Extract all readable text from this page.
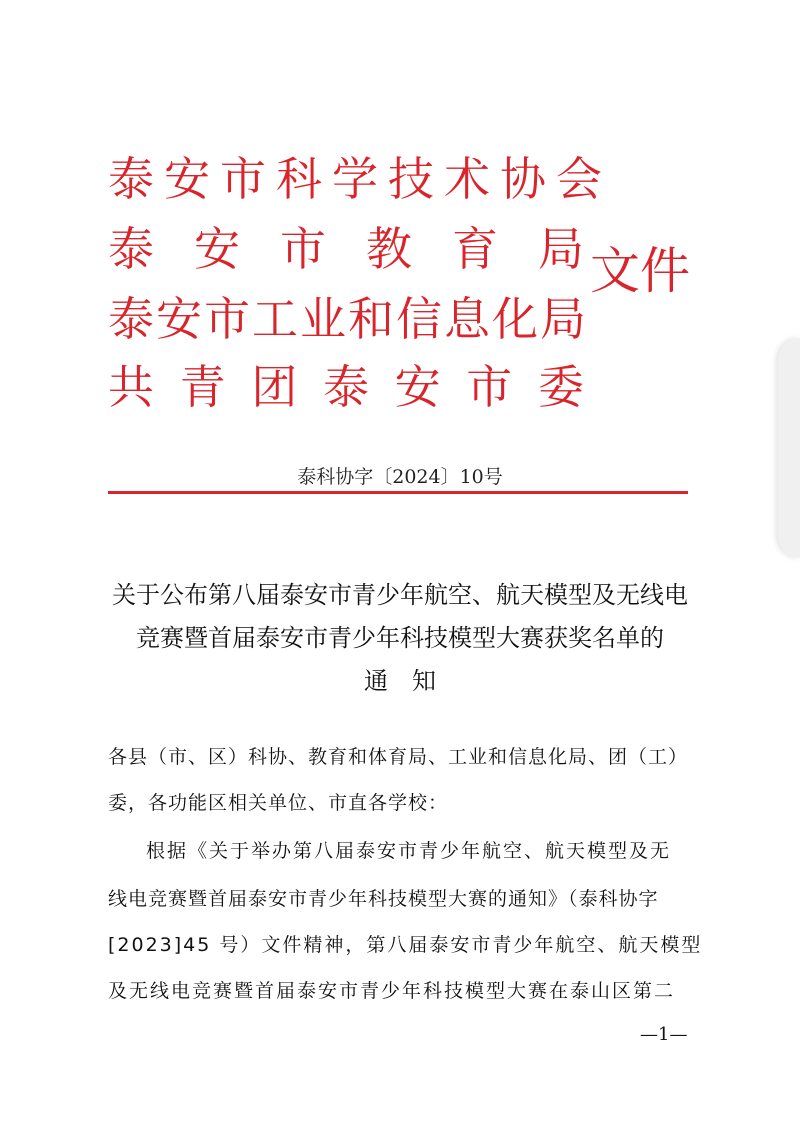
泰安市科学技术协会
泰 安 市 教 育 局
泰安市工业和信息化局
共 青 团 泰 安 市 委
文件
泰科协字〔2024〕10号
关于公布第八届泰安市青少年航空、航天模型及无线电
竞赛暨首届泰安市青少年科技模型大赛获奖名单的
通　知
各县（市、区）科协、教育和体育局、工业和信息化局、团（工）
委，各功能区相关单位、市直各学校：
根据《关于举办第八届泰安市青少年航空、航天模型及无
线电竞赛暨首届泰安市青少年科技模型大赛的通知》（泰科协字
[2023]45 号）文件精神，第八届泰安市青少年航空、航天模型
及无线电竞赛暨首届泰安市青少年科技模型大赛在泰山区第二
—1—
